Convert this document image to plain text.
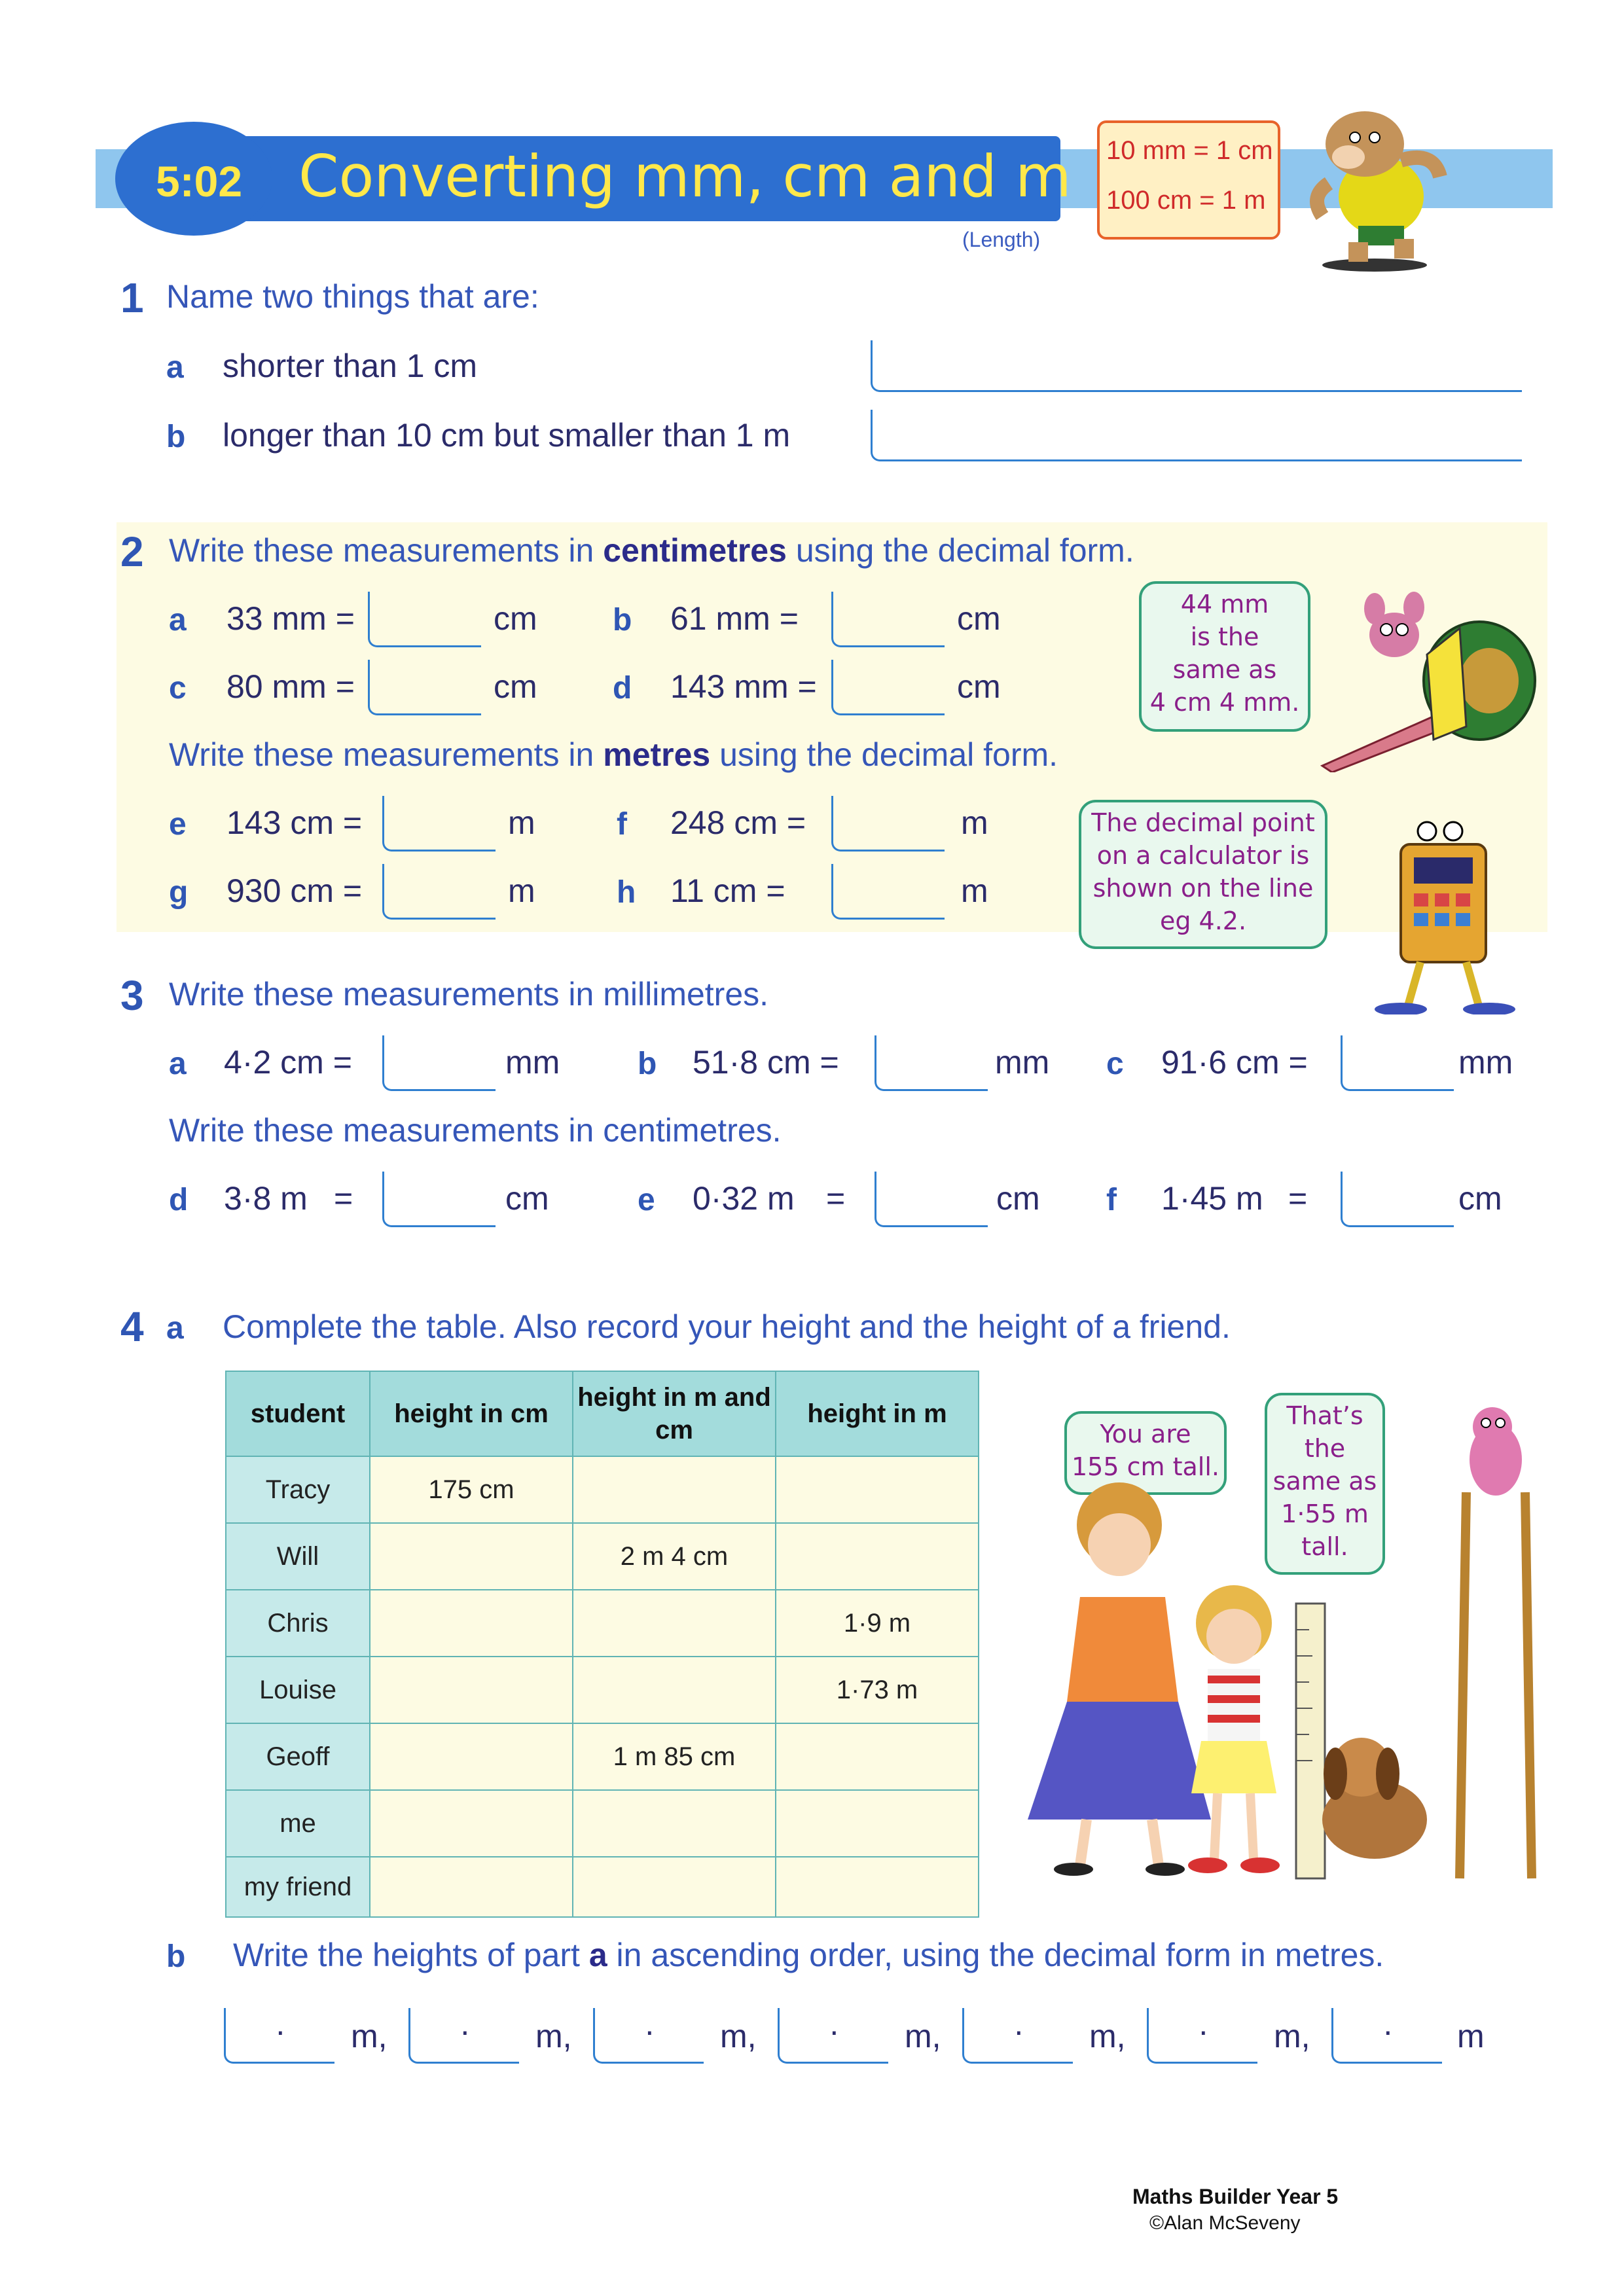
5:02 Converting mm, cm and m
(Length)
10 mm = 1 cm
100 cm = 1 m
1 Name two things that are:
a shorter than 1 cm
b longer than 10 cm but smaller than 1 m
2 Write these measurements in centimetres using the decimal form.
a 33 mm =	cm b 61 mm =	cm
c 80 mm =	cm d 143 mm =	cm
Write these measurements in metres using the decimal form.
e 143 cm =	m	f 248 cm =	m
g 930 cm =	m	h 11 cm =	m
44 mm
is the
same as
4 cm 4 mm.
The decimal point
on a calculator is
shown on the line
eg 4.2.
3 Write these measurements in millimetres.
a 4·2 cm =	mm b 51·8 cm =	mm c 91·6 cm =	mm
Write these measurements in centimetres.
d 3·8 m =	cm	e 0·32 m =	cm f 1·45 m =	cm
4 a Complete the table. Also record your height and the height of a friend.
student	height in cm	height in m and cm	height in m
Tracy	175 cm		
Will		2 m 4 cm	
Chris			1·9 m
Louise			1·73 m
Geoff		1 m 85 cm	
me			
my friend			
You are
155 cm tall.
That’s
the
same as
1·55 m
tall.
b Write the heights of part a in ascending order, using the decimal form in metres.
· m, · m, · m, · m, · m, · m, · m
Maths Builder Year 5
©Alan McSeveny
